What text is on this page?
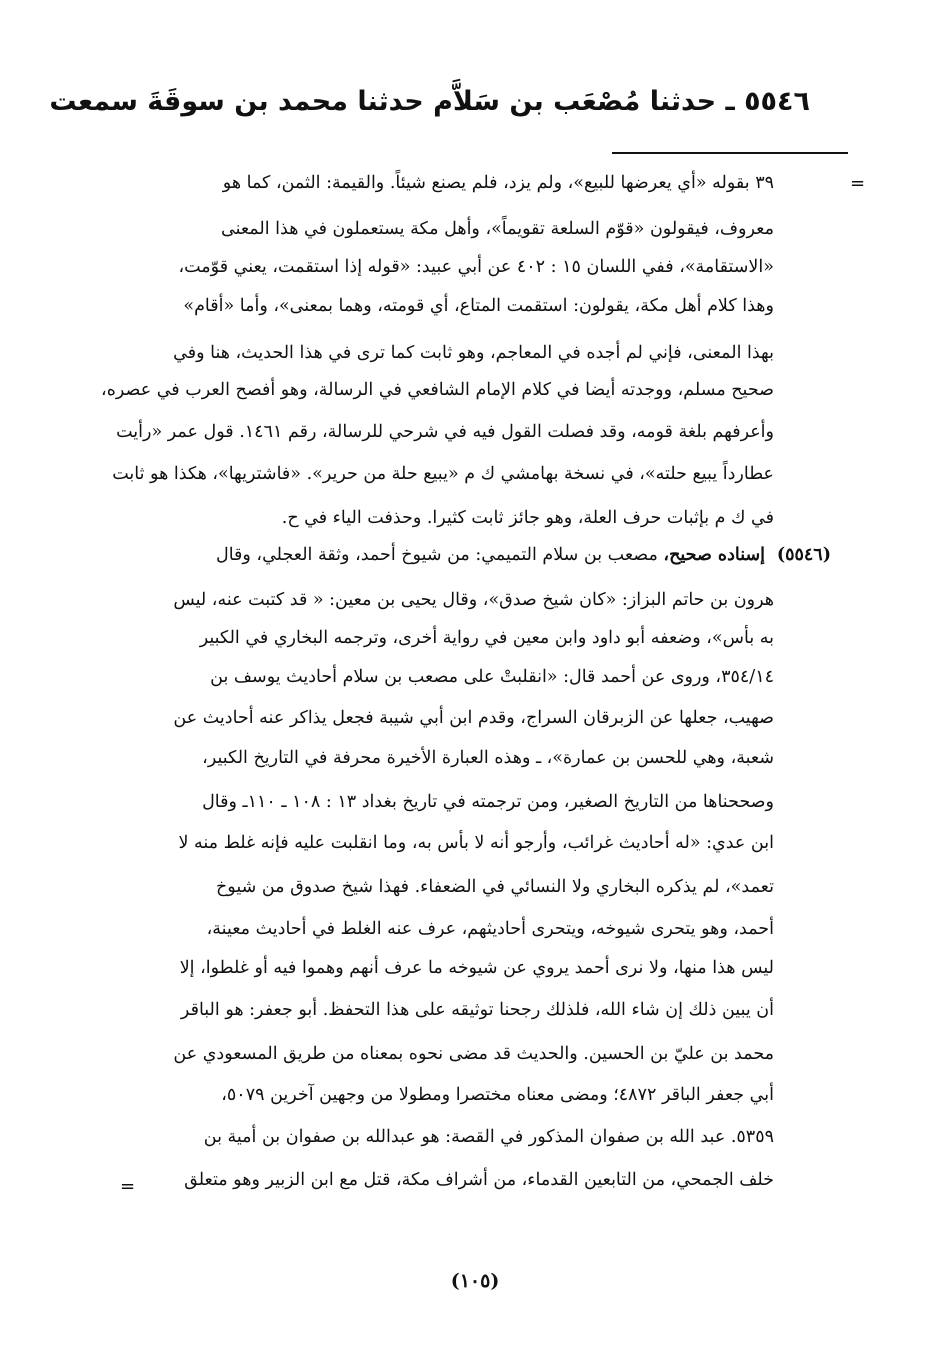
٥٥٤٦ ـ حدثنا مُصْعَب بن سَلاَّم حدثنا محمد بن سوقَةَ سمعت
=
٣٩ بقوله «أي يعرضها للبيع»، ولم يزد، فلم يصنع شيئاً. والقيمة: الثمن، كما هو
معروف، فيقولون «قوّم السلعة تقويماً»، وأهل مكة يستعملون في هذا المعنى
«الاستقامة»، ففي اللسان ١٥ : ٤٠٢ عن أبي عبيد: «قوله إذا استقمت، يعني قوّمت،
وهذا كلام أهل مكة، يقولون: استقمت المتاع، أي قومته، وهما بمعنى»، وأما «أقام»
بهذا المعنى، فإني لم أجده في المعاجم، وهو ثابت كما ترى في هذا الحديث، هنا وفي
صحيح مسلم، ووجدته أيضا في كلام الإمام الشافعي في الرسالة، وهو أفصح العرب في عصره،
وأعرفهم بلغة قومه، وقد فصلت القول فيه في شرحي للرسالة، رقم ١٤٦١. قول عمر «رأيت
عطارداً يبيع حلته»، في نسخة بهامشي ك م «يبيع حلة من حرير». «فاشتريها»، هكذا هو ثابت
في ك م بإثبات حرف العلة، وهو جائز ثابت كثيرا. وحذفت الياء في ح.
(٥٥٤٦)
إسناده صحيح، مصعب بن سلام التميمي: من شيوخ أحمد، وثقة العجلي، وقال
هرون بن حاتم البزاز: «كان شيخ صدق»، وقال يحيى بن معين: « قد كتبت عنه، ليس
به بأس»، وضعفه أبو داود وابن معين في رواية أخرى، وترجمه البخاري في الكبير
٣٥٤/١٤، وروى عن أحمد قال: «انقلبتْ على مصعب بن سلام أحاديث يوسف بن
صهيب، جعلها عن الزبرقان السراج، وقدم ابن أبي شيبة فجعل يذاكر عنه أحاديث عن
شعبة، وهي للحسن بن عمارة»، ـ وهذه العبارة الأخيرة محرفة في التاريخ الكبير،
وصححناها من التاريخ الصغير، ومن ترجمته في تاريخ بغداد ١٣ : ١٠٨ ـ ١١٠ـ وقال
ابن عدي: «له أحاديث غرائب، وأرجو أنه لا بأس به، وما انقلبت عليه فإنه غلط منه لا
تعمد»، لم يذكره البخاري ولا النسائي في الضعفاء. فهذا شيخ صدوق من شيوخ
أحمد، وهو يتحرى شيوخه، ويتحرى أحاديثهم، عرف عنه الغلط في أحاديث معينة،
ليس هذا منها، ولا نرى أحمد يروي عن شيوخه ما عرف أنهم وهموا فيه أو غلطوا، إلا
أن يبين ذلك إن شاء الله، فلذلك رجحنا توثيقه على هذا التحفظ. أبو جعفر: هو الباقر
محمد بن عليّ بن الحسين. والحديث قد مضى نحوه بمعناه من طريق المسعودي عن
أبي جعفر الباقر ٤٨٧٢؛ ومضى معناه مختصرا ومطولا من وجهين آخرين ٥٠٧٩،
٥٣٥٩. عبد الله بن صفوان المذكور في القصة: هو عبدالله بن صفوان بن أمية بن
خلف الجمحي، من التابعين القدماء، من أشراف مكة، قتل مع ابن الزبير وهو متعلق
=
(١٠٥)
